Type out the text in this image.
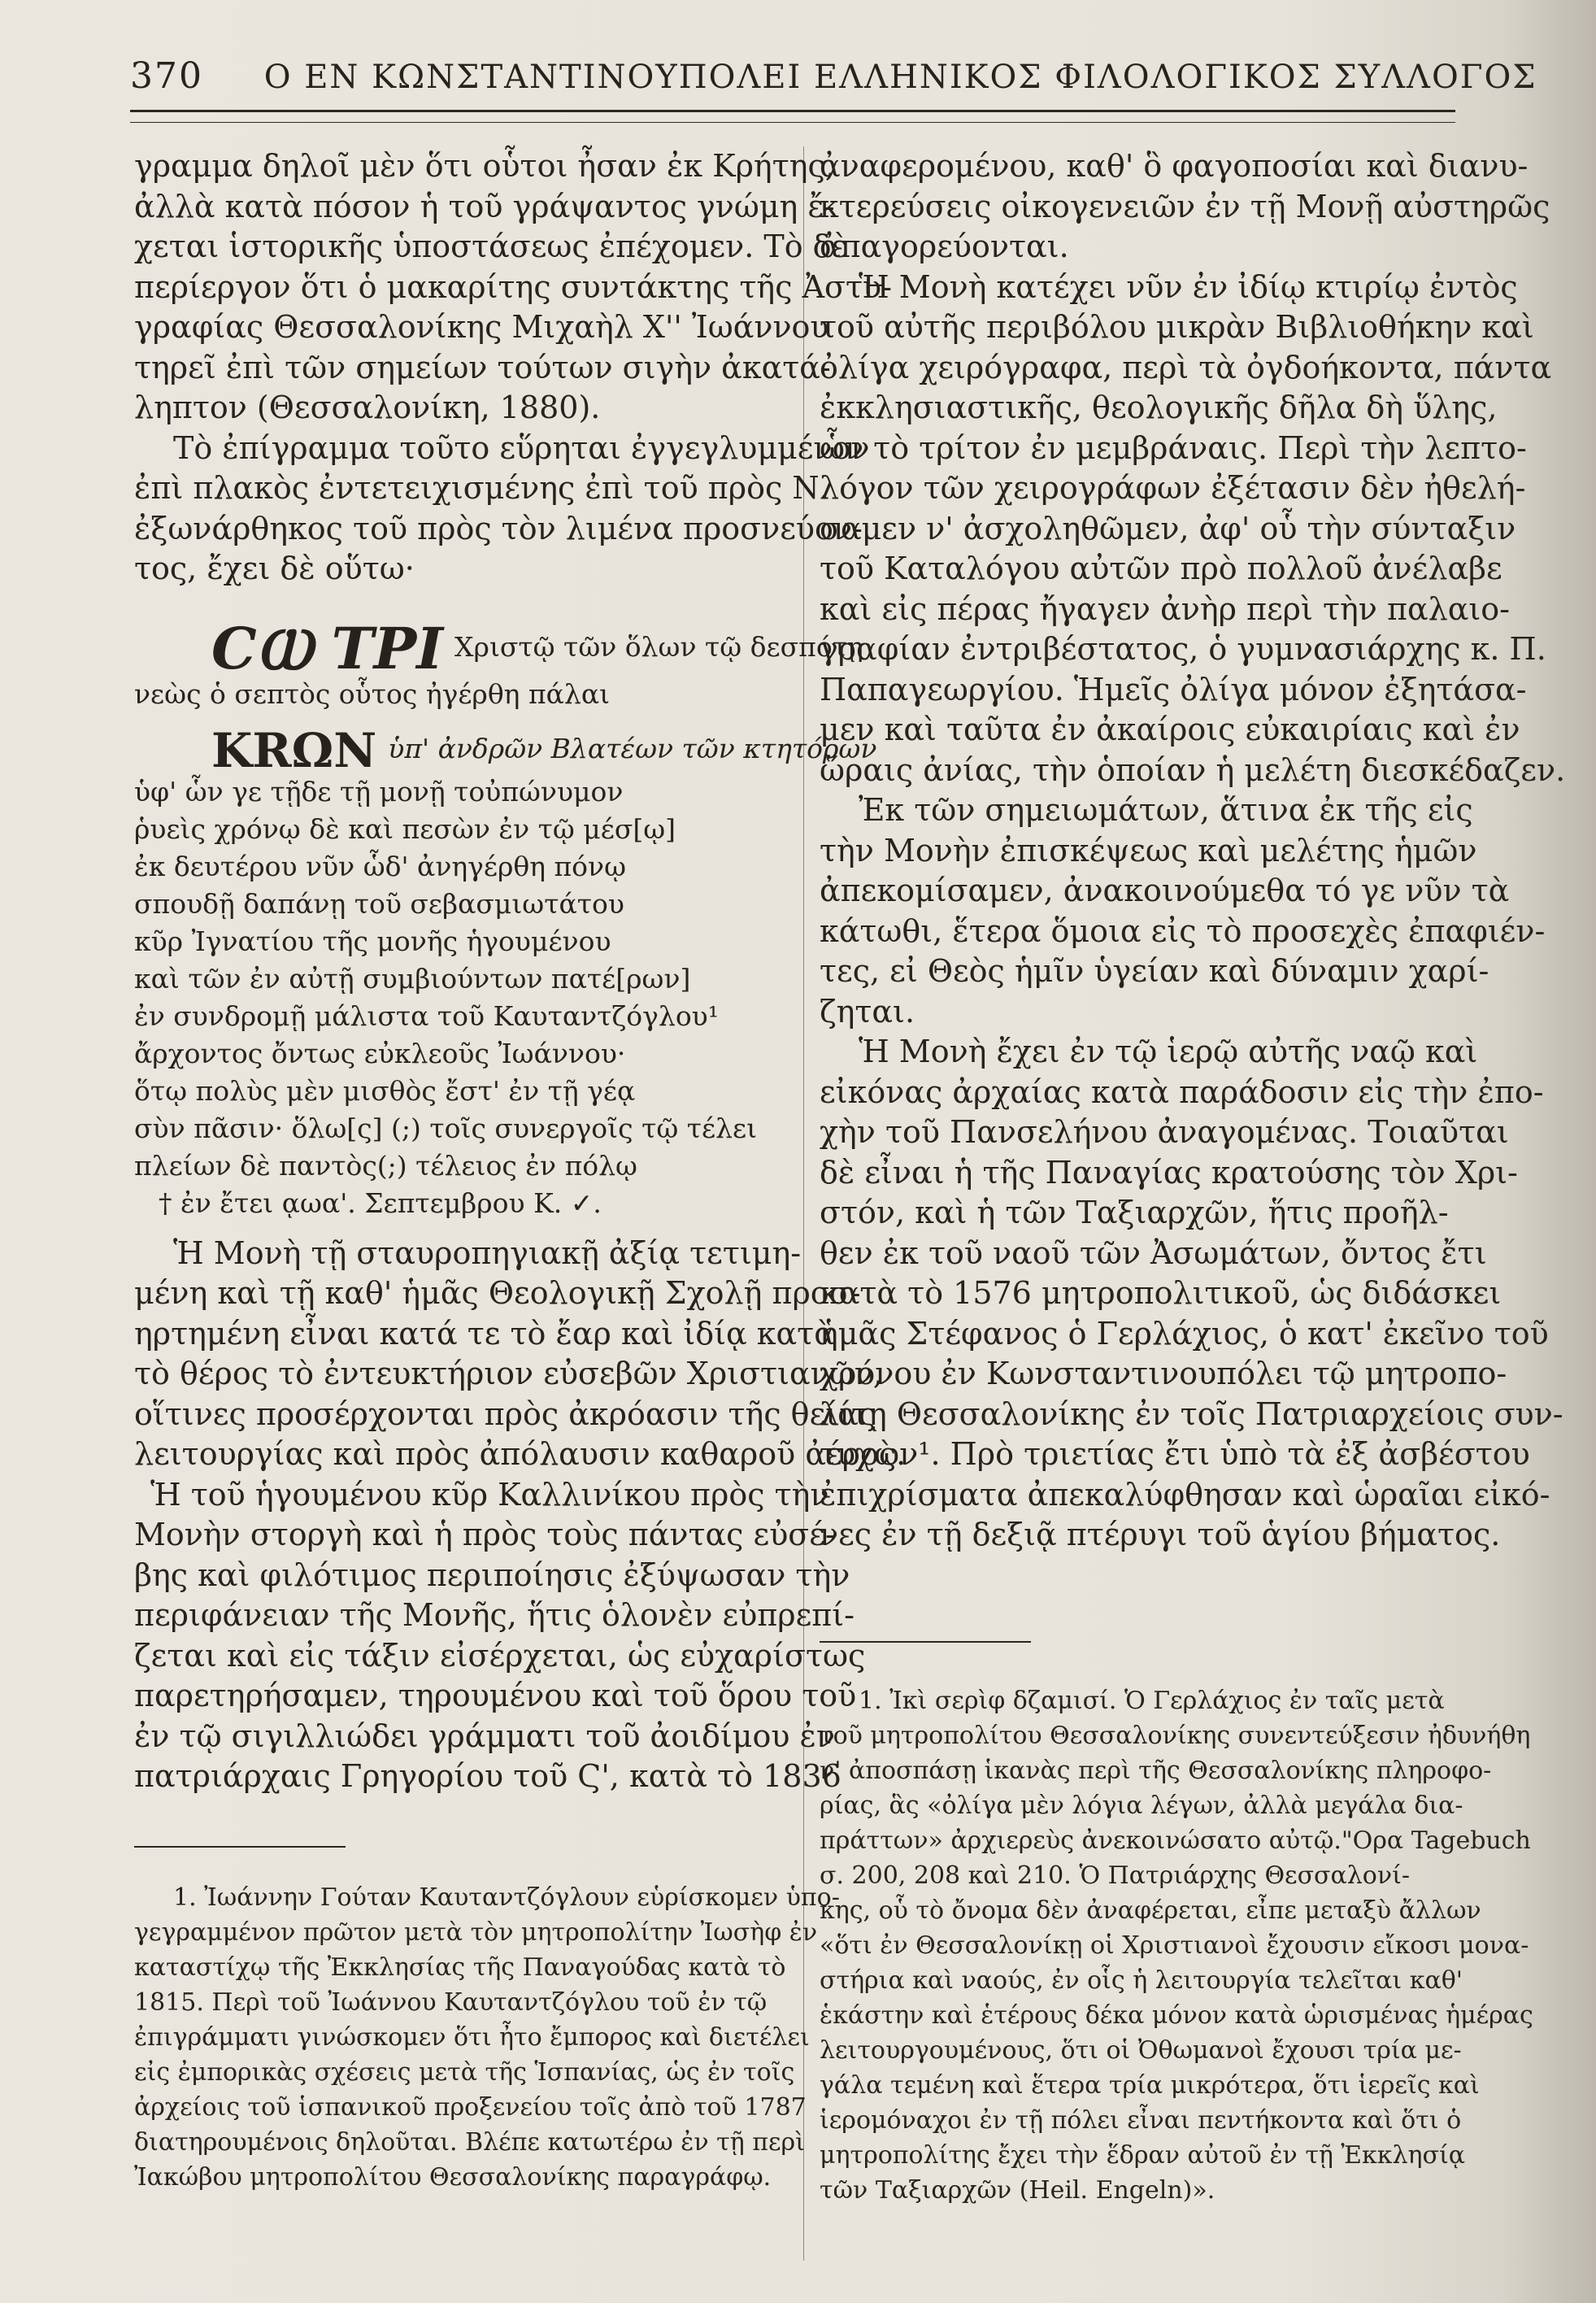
370 Ο ΕΝ ΚΩΝΣΤΑΝΤΙΝΟΥΠΟΛΕΙ ΕΛΛΗΝΙΚΟΣ ΦΙΛΟΛΟΓΙΚΟΣ ΣΥΛΛΟΓΟΣ
γραμμα δηλοῖ μὲν ὅτι οὗτοι ἦσαν ἐκ Κρήτης,
ἀλλὰ κατὰ πόσον ἡ τοῦ γράψαντος γνώμη ἔ-
χεται ἱστορικῆς ὑποστάσεως ἐπέχομεν. Τὸ δὲ
περίεργον ὅτι ὁ μακαρίτης συντάκτης τῆς Ἀστυ-
γραφίας Θεσσαλονίκης Μιχαὴλ Χ'' Ἰωάννου
τηρεῖ ἐπὶ τῶν σημείων τούτων σιγὴν ἀκατά-
ληπτον (Θεσσαλονίκη, 1880).
Τὸ ἐπίγραμμα τοῦτο εὕρηται ἐγγεγλυμμένον
ἐπὶ πλακὸς ἐντετειχισμένης ἐπὶ τοῦ πρὸς Ν.
ἐξωνάρθηκος τοῦ πρὸς τὸν λιμένα προσνεύον-
τος, ἔχει δὲ οὕτω·
CⲰ ТPI Χριστῷ τῶν ὅλων τῷ δεσπότῃ
νεὼς ὁ σεπτὸς οὗτος ἠγέρθη πάλαι
KRΩN ὑπ' ἀνδρῶν Βλατέων τῶν κτητόρων
ὑφ' ὧν γε τῇδε τῇ μονῇ τοὐπώνυμον
ῥυεὶς χρόνῳ δὲ καὶ πεσὼν ἐν τῷ μέσ[ῳ]
ἐκ δευτέρου νῦν ὧδ' ἀνηγέρθη πόνῳ
σπουδῇ δαπάνῃ τοῦ σεβασμιωτάτου
κῦρ Ἰγνατίου τῆς μονῆς ἡγουμένου
καὶ τῶν ἐν αὐτῇ συμβιούντων πατέ[ρων]
ἐν συνδρομῇ μάλιστα τοῦ Καυταντζόγλου¹
ἄρχοντος ὄντως εὐκλεοῦς Ἰωάννου·
ὅτῳ πολὺς μὲν μισθὸς ἔστ' ἐν τῇ γέᾳ
σὺν πᾶσιν· ὅλω[ς] (;) τοῖς συνεργοῖς τῷ τέλει
πλείων δὲ παντὸς(;) τέλειος ἐν πόλῳ
† ἐν ἔτει ᾳωα'. Σεπτεμβρου Κ. ✓.
Ἡ Μονὴ τῇ σταυροπηγιακῇ ἀξίᾳ τετιμη-
μένη καὶ τῇ καθ' ἡμᾶς Θεολογικῇ Σχολῇ προσ-
ηρτημένη εἶναι κατά τε τὸ ἔαρ καὶ ἰδίᾳ κατὰ
τὸ θέρος τὸ ἐντευκτήριον εὐσεβῶν Χριστιανῶν,
οἵτινες προσέρχονται πρὸς ἀκρόασιν τῆς θείας
λειτουργίας καὶ πρὸς ἀπόλαυσιν καθαροῦ ἀέρος.
Ἡ τοῦ ἡγουμένου κῦρ Καλλινίκου πρὸς τὴν
Μονὴν στοργὴ καὶ ἡ πρὸς τοὺς πάντας εὐσέ-
βης καὶ φιλότιμος περιποίησις ἐξύψωσαν τὴν
περιφάνειαν τῆς Μονῆς, ἥτις ὁλονὲν εὐπρεπί-
ζεται καὶ εἰς τάξιν εἰσέρχεται, ὡς εὐχαρίστως
παρετηρήσαμεν, τηρουμένου καὶ τοῦ ὅρου τοῦ
ἐν τῷ σιγιλλιώδει γράμματι τοῦ ἀοιδίμου ἐν
πατριάρχαις Γρηγορίου τοῦ Ϛ', κατὰ τὸ 1836
1. Ἰωάννην Γούταν Καυταντζόγλουν εὑρίσκομεν ὑπο-
γεγραμμένον πρῶτον μετὰ τὸν μητροπολίτην Ἰωσὴφ ἐν
καταστίχῳ τῆς Ἐκκλησίας τῆς Παναγούδας κατὰ τὸ
1815. Περὶ τοῦ Ἰωάννου Καυταντζόγλου τοῦ ἐν τῷ
ἐπιγράμματι γινώσκομεν ὅτι ἦτο ἔμπορος καὶ διετέλει
εἰς ἐμπορικὰς σχέσεις μετὰ τῆς Ἱσπανίας, ὡς ἐν τοῖς
ἀρχείοις τοῦ ἱσπανικοῦ προξενείου τοῖς ἀπὸ τοῦ 1787
διατηρουμένοις δηλοῦται. Βλέπε κατωτέρω ἐν τῇ περὶ
Ἰακώβου μητροπολίτου Θεσσαλονίκης παραγράφῳ.
ἀναφερομένου, καθ' ὃ φαγοποσίαι καὶ διανυ-
κτερεύσεις οἰκογενειῶν ἐν τῇ Μονῇ αὐστηρῶς
ἀπαγορεύονται.
Ἡ Μονὴ κατέχει νῦν ἐν ἰδίῳ κτιρίῳ ἐντὸς
τοῦ αὐτῆς περιβόλου μικρὰν Βιβλιοθήκην καὶ
ὀλίγα χειρόγραφα, περὶ τὰ ὀγδοήκοντα, πάντα
ἐκκλησιαστικῆς, θεολογικῆς δῆλα δὴ ὕλης,
ὧν τὸ τρίτον ἐν μεμβράναις. Περὶ τὴν λεπτο-
λόγον τῶν χειρογράφων ἐξέτασιν δὲν ἠθελή-
σαμεν ν' ἀσχοληθῶμεν, ἀφ' οὗ τὴν σύνταξιν
τοῦ Καταλόγου αὐτῶν πρὸ πολλοῦ ἀνέλαβε
καὶ εἰς πέρας ἤγαγεν ἀνὴρ περὶ τὴν παλαιο-
γραφίαν ἐντριβέστατος, ὁ γυμνασιάρχης κ. Π.
Παπαγεωργίου. Ἡμεῖς ὀλίγα μόνον ἐξητάσα-
μεν καὶ ταῦτα ἐν ἀκαίροις εὐκαιρίαις καὶ ἐν
ὥραις ἀνίας, τὴν ὁποίαν ἡ μελέτη διεσκέδαζεν.
Ἐκ τῶν σημειωμάτων, ἅτινα ἐκ τῆς εἰς
τὴν Μονὴν ἐπισκέψεως καὶ μελέτης ἡμῶν
ἀπεκομίσαμεν, ἀνακοινούμεθα τό γε νῦν τὰ
κάτωθι, ἕτερα ὅμοια εἰς τὸ προσεχὲς ἐπαφιέν-
τες, εἰ Θεὸς ἡμῖν ὑγείαν καὶ δύναμιν χαρί-
ζηται.
Ἡ Μονὴ ἔχει ἐν τῷ ἱερῷ αὐτῆς ναῷ καὶ
εἰκόνας ἀρχαίας κατὰ παράδοσιν εἰς τὴν ἐπο-
χὴν τοῦ Πανσελήνου ἀναγομένας. Τοιαῦται
δὲ εἶναι ἡ τῆς Παναγίας κρατούσης τὸν Χρι-
στόν, καὶ ἡ τῶν Ταξιαρχῶν, ἥτις προῆλ-
θεν ἐκ τοῦ ναοῦ τῶν Ἀσωμάτων, ὄντος ἔτι
κατὰ τὸ 1576 μητροπολιτικοῦ, ὡς διδάσκει
ἡμᾶς Στέφανος ὁ Γερλάχιος, ὁ κατ' ἐκεῖνο τοῦ
χρόνου ἐν Κωνσταντινουπόλει τῷ μητροπο-
λίτῃ Θεσσαλονίκης ἐν τοῖς Πατριαρχείοις συν-
τυχὼν¹. Πρὸ τριετίας ἔτι ὑπὸ τὰ ἐξ ἀσβέστου
ἐπιχρίσματα ἀπεκαλύφθησαν καὶ ὡραῖαι εἰκό-
νες ἐν τῇ δεξιᾷ πτέρυγι τοῦ ἁγίου βήματος.
1. Ἰκὶ σερὶφ δζαμισί. Ὁ Γερλάχιος ἐν ταῖς μετὰ
τοῦ μητροπολίτου Θεσσαλονίκης συνεντεύξεσιν ἠδυνήθη
ν' ἀποσπάσῃ ἱκανὰς περὶ τῆς Θεσσαλονίκης πληροφο-
ρίας, ἃς «ὀλίγα μὲν λόγια λέγων, ἀλλὰ μεγάλα δια-
πράττων» ἀρχιερεὺς ἀνεκοινώσατο αὐτῷ."Ορα Tagebuch
σ. 200, 208 καὶ 210. Ὁ Πατριάρχης Θεσσαλονί-
κης, οὗ τὸ ὄνομα δὲν ἀναφέρεται, εἶπε μεταξὺ ἄλλων
«ὅτι ἐν Θεσσαλονίκῃ οἱ Χριστιανοὶ ἔχουσιν εἴκοσι μονα-
στήρια καὶ ναούς, ἐν οἷς ἡ λειτουργία τελεῖται καθ'
ἑκάστην καὶ ἑτέρους δέκα μόνον κατὰ ὡρισμένας ἡμέρας
λειτουργουμένους, ὅτι οἱ Ὀθωμανοὶ ἔχουσι τρία με-
γάλα τεμένη καὶ ἕτερα τρία μικρότερα, ὅτι ἱερεῖς καὶ
ἱερομόναχοι ἐν τῇ πόλει εἶναι πεντήκοντα καὶ ὅτι ὁ
μητροπολίτης ἔχει τὴν ἕδραν αὐτοῦ ἐν τῇ Ἐκκλησίᾳ
τῶν Ταξιαρχῶν (Heil. Engeln)».
